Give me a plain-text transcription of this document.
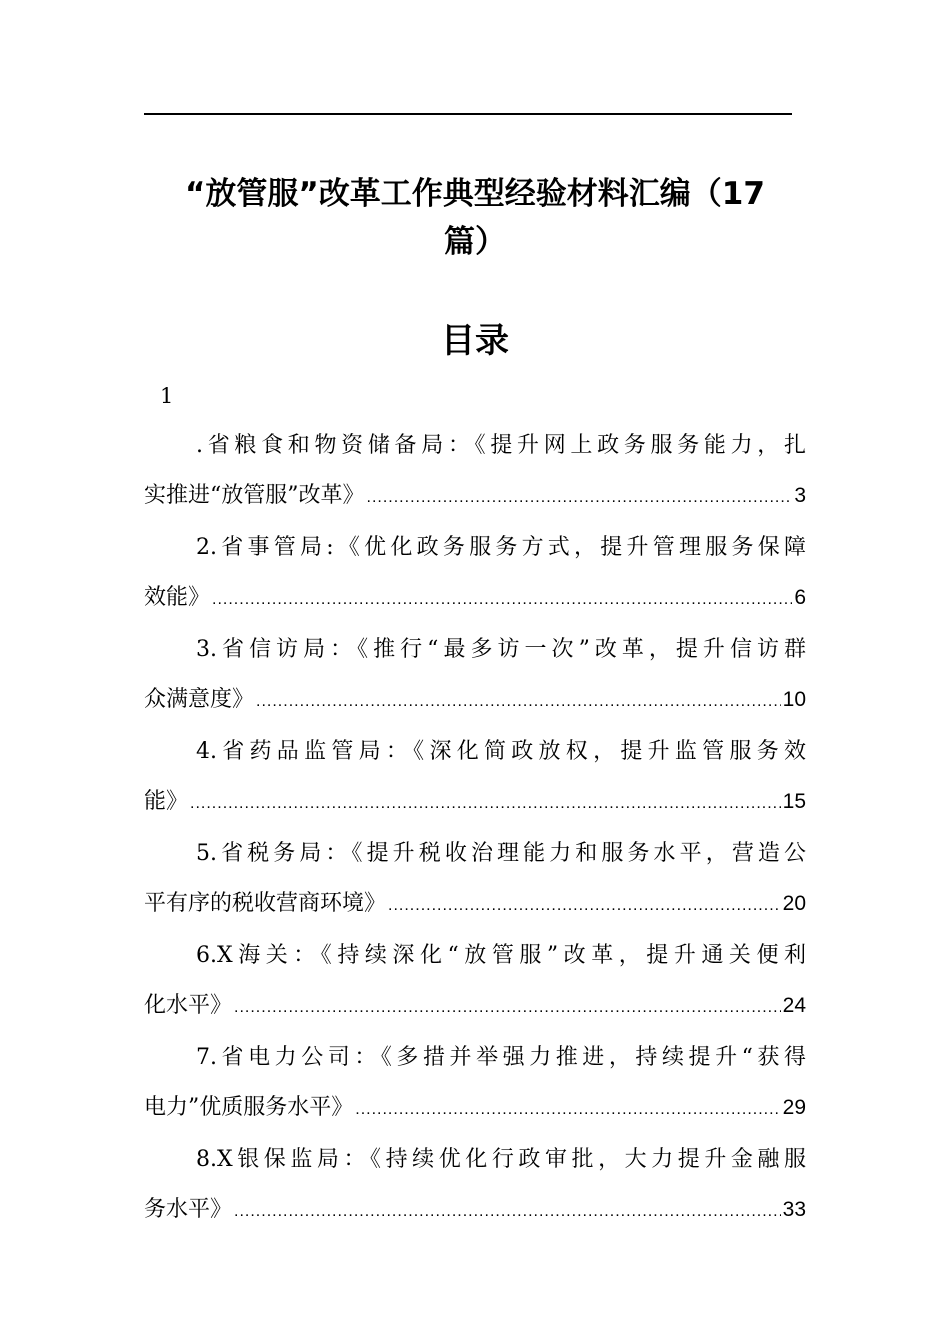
“放管服”改革工作典型经验材料汇编（17
篇）
目录
1
.省粮食和物资储备局：《提升网上政务服务能力，扎
实推进“放管服”改革》 .....	3
2.省事管局:《优化政务服务方式，提升管理服务保障
效能》 .....	6
3.省信访局：《推行“最多访一次”改革，提升信访群
众满意度》 .....	10
4.省药品监管局：《深化简政放权，提升监管服务效
能》 .....	15
5.省税务局：《提升税收治理能力和服务水平，营造公
平有序的税收营商环境》 .....	20
6.X海关：《持续深化“放管服”改革，提升通关便利
化水平》 .....	24
7.省电力公司：《多措并举强力推进，持续提升“获得
电力”优质服务水平》 .....	29
8.X银保监局：《持续优化行政审批，大力提升金融服
务水平》 .....	33
